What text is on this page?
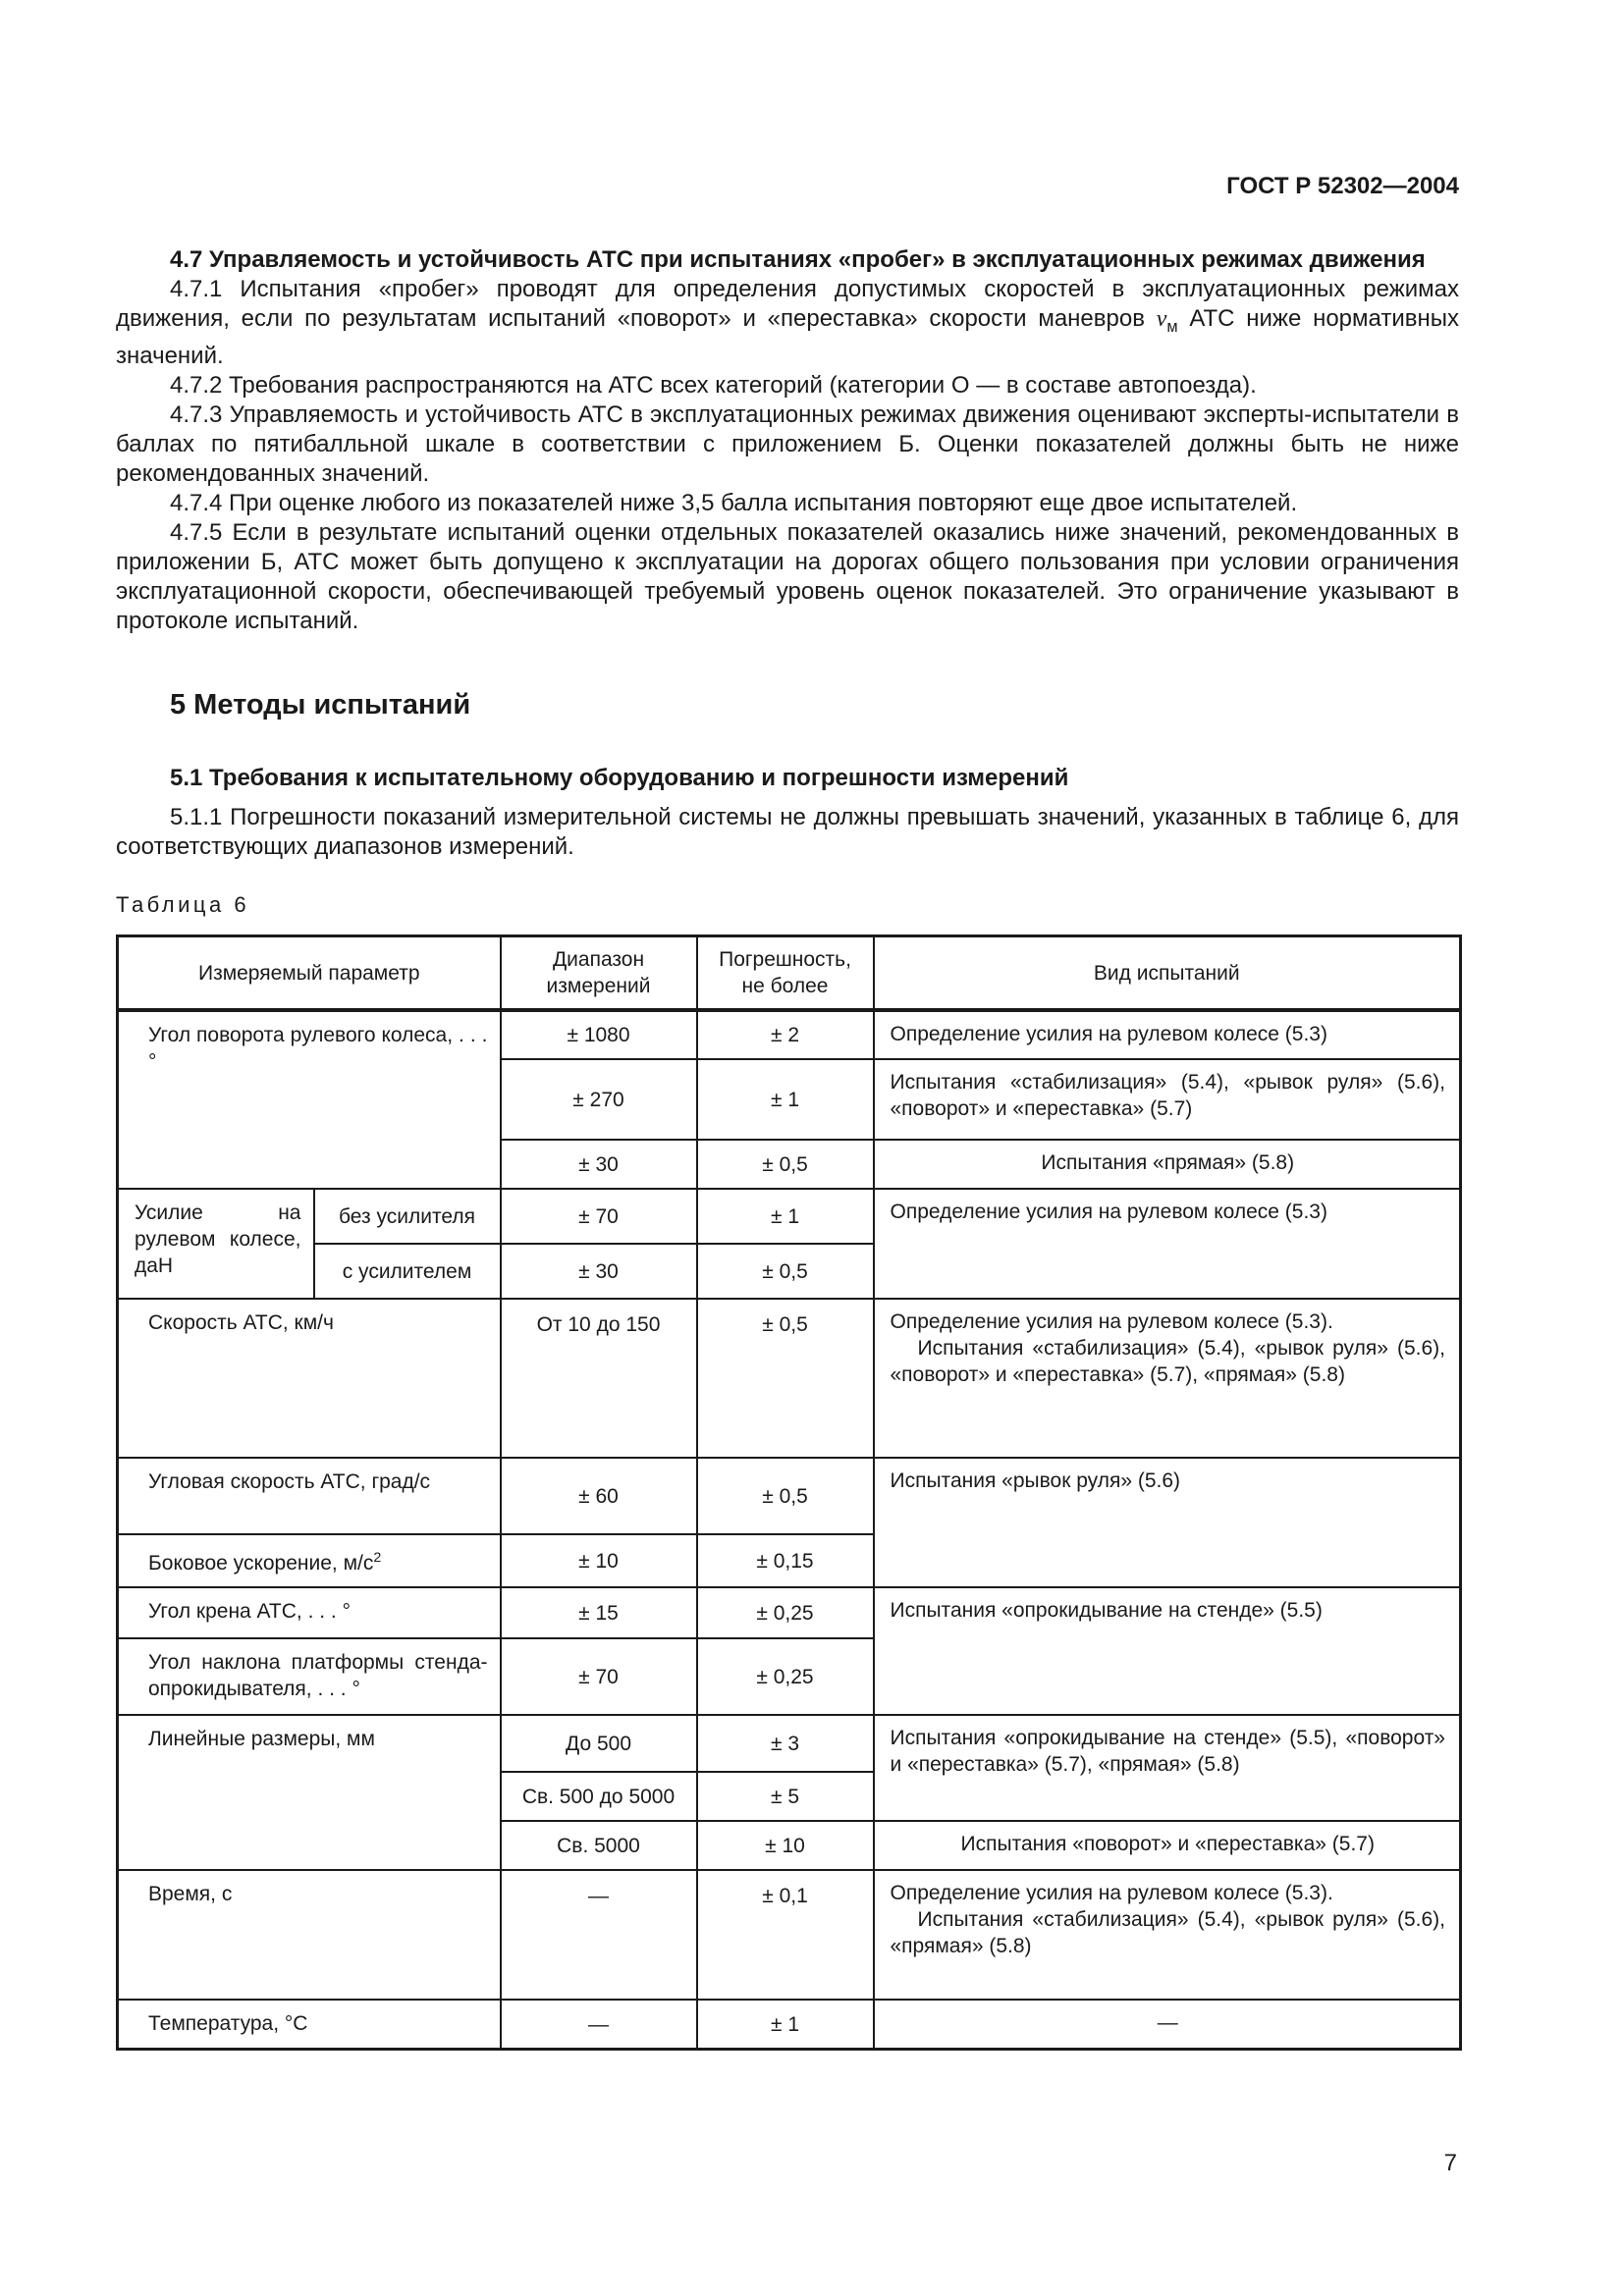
ГОСТ Р 52302—2004
4.7 Управляемость и устойчивость АТС при испытаниях «пробег» в эксплуатационных режимах движения

4.7.1 Испытания «пробег» проводят для определения допустимых скоростей в эксплуатационных режимах движения, если по результатам испытаний «поворот» и «переставка» скорости маневров $v_м$ АТС ниже нормативных значений.

4.7.2 Требования распространяются на АТС всех категорий (категории О — в составе автопоезда).

4.7.3 Управляемость и устойчивость АТС в эксплуатационных режимах движения оценивают эксперты-испытатели в баллах по пятибалльной шкале в соответствии с приложением Б. Оценки показателей должны быть не ниже рекомендованных значений.

4.7.4 При оценке любого из показателей ниже 3,5 балла испытания повторяют еще двое испытателей.

4.7.5 Если в результате испытаний оценки отдельных показателей оказались ниже значений, рекомендованных в приложении Б, АТС может быть допущено к эксплуатации на дорогах общего пользования при условии ограничения эксплуатационной скорости, обеспечивающей требуемый уровень оценок показателей. Это ограничение указывают в протоколе испытаний.

5 Методы испытаний
5.1 Требования к испытательному оборудованию и погрешности измерений

5.1.1 Погрешности показаний измерительной системы не должны превышать значений, указанных в таблице 6, для соответствующих диапазонов измерений.

Таблица 6
Измеряемый параметр		Диапазон измерений	Погрешность, не более	Вид испытаний
Угол поворота рулевого колеса, . . . °		± 1080	± 2	Определение усилия на рулевом колесе (5.3)
		± 270	± 1	Испытания «стабилизация» (5.4), «рывок руля» (5.6), «поворот» и «переставка» (5.7)
		± 30	± 0,5	Испытания «прямая» (5.8)
Усилие на рулевом колесе, даН	без усилителя	± 70	± 1	Определение усилия на рулевом колесе (5.3)
	с усилителем	± 30	± 0,5	
Скорость АТС, км/ч		От 10 до 150	± 0,5	Определение усилия на рулевом колесе (5.3).

Испытания «стабилизация» (5.4), «рывок руля» (5.6), «поворот» и «переставка» (5.7), «прямая» (5.8)

Угловая скорость АТС, град/с		± 60	± 0,5	Испытания «рывок руля» (5.6)
Боковое ускорение, $м/с^2$		± 10	± 0,15	
Угол крена АТС, . . . °		± 15	± 0,25	Испытания «опрокидывание на стенде» (5.5)
Угол наклона платформы стенда-опрокидывателя, . . . °		± 70	± 0,25	
Линейные размеры, мм		До 500	± 3	Испытания «опрокидывание на стенде» (5.5), «поворот» и «переставка» (5.7), «прямая» (5.8)
		Св. 500 до 5000	± 5	
		Св. 5000	± 10	Испытания «поворот» и «переставка» (5.7)
Время, с		—	± 0,1	Определение усилия на рулевом колесе (5.3).

Испытания «стабилизация» (5.4), «рывок руля» (5.6), «прямая» (5.8)

Температура, °С		—	± 1	—
7
